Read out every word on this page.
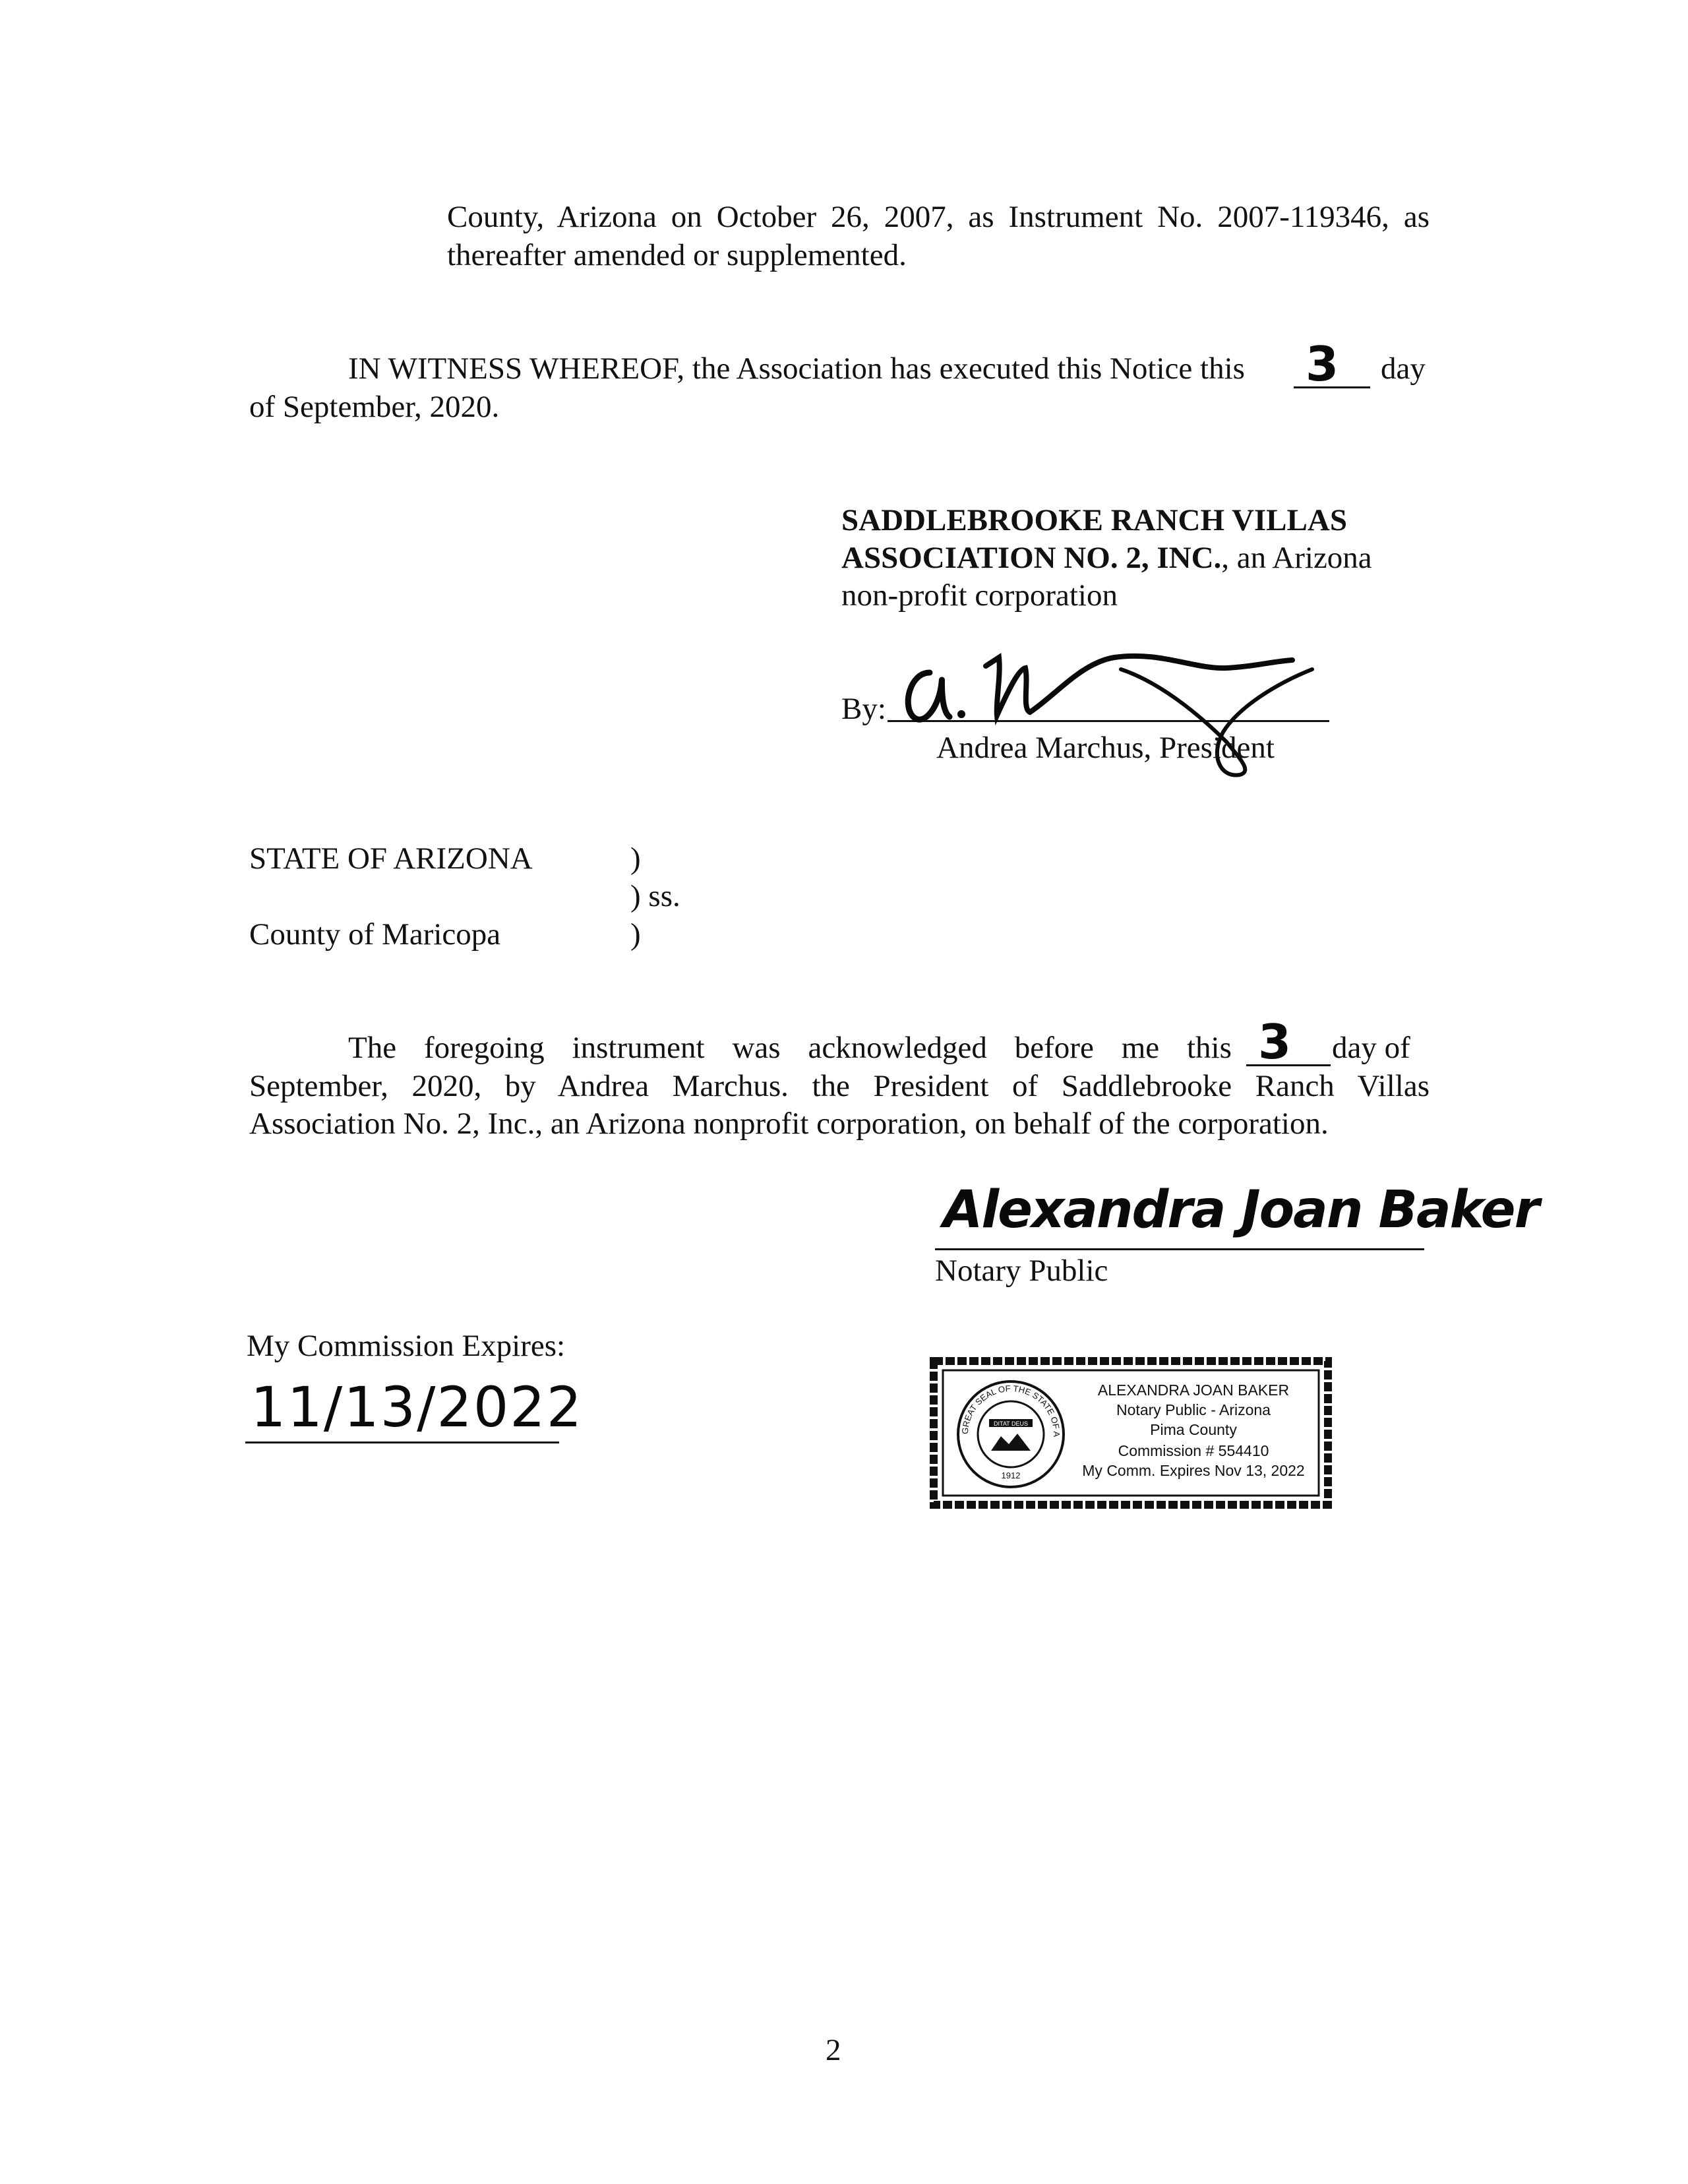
County, Arizona on October 26, 2007, as Instrument No. 2007-119346, as
thereafter amended or supplemented.
IN WITNESS WHEREOF, the Association has executed this Notice this 3 day
of September, 2020.
SADDLEBROOKE RANCH VILLAS
ASSOCIATION NO. 2, INC., an Arizona
non-profit corporation
By:
Andrea Marchus, President
STATE OF ARIZONA	)
) ss.
County of Maricopa	)
The foregoing instrument was acknowledged before me this 3 day of
September, 2020, by Andrea Marchus. the President of Saddlebrooke Ranch Villas
Association No. 2, Inc., an Arizona nonprofit corporation, on behalf of the corporation.
Alexandra Joan Baker
Notary Public
My Commission Expires:
11/13/2022	GREAT SEAL OF THE STATE OF ARIZONA
DITAT DEUS
1912
ALEXANDRA JOAN BAKER
Notary Public - Arizona
Pima County
Commission # 554410
My Comm. Expires Nov 13, 2022
2
